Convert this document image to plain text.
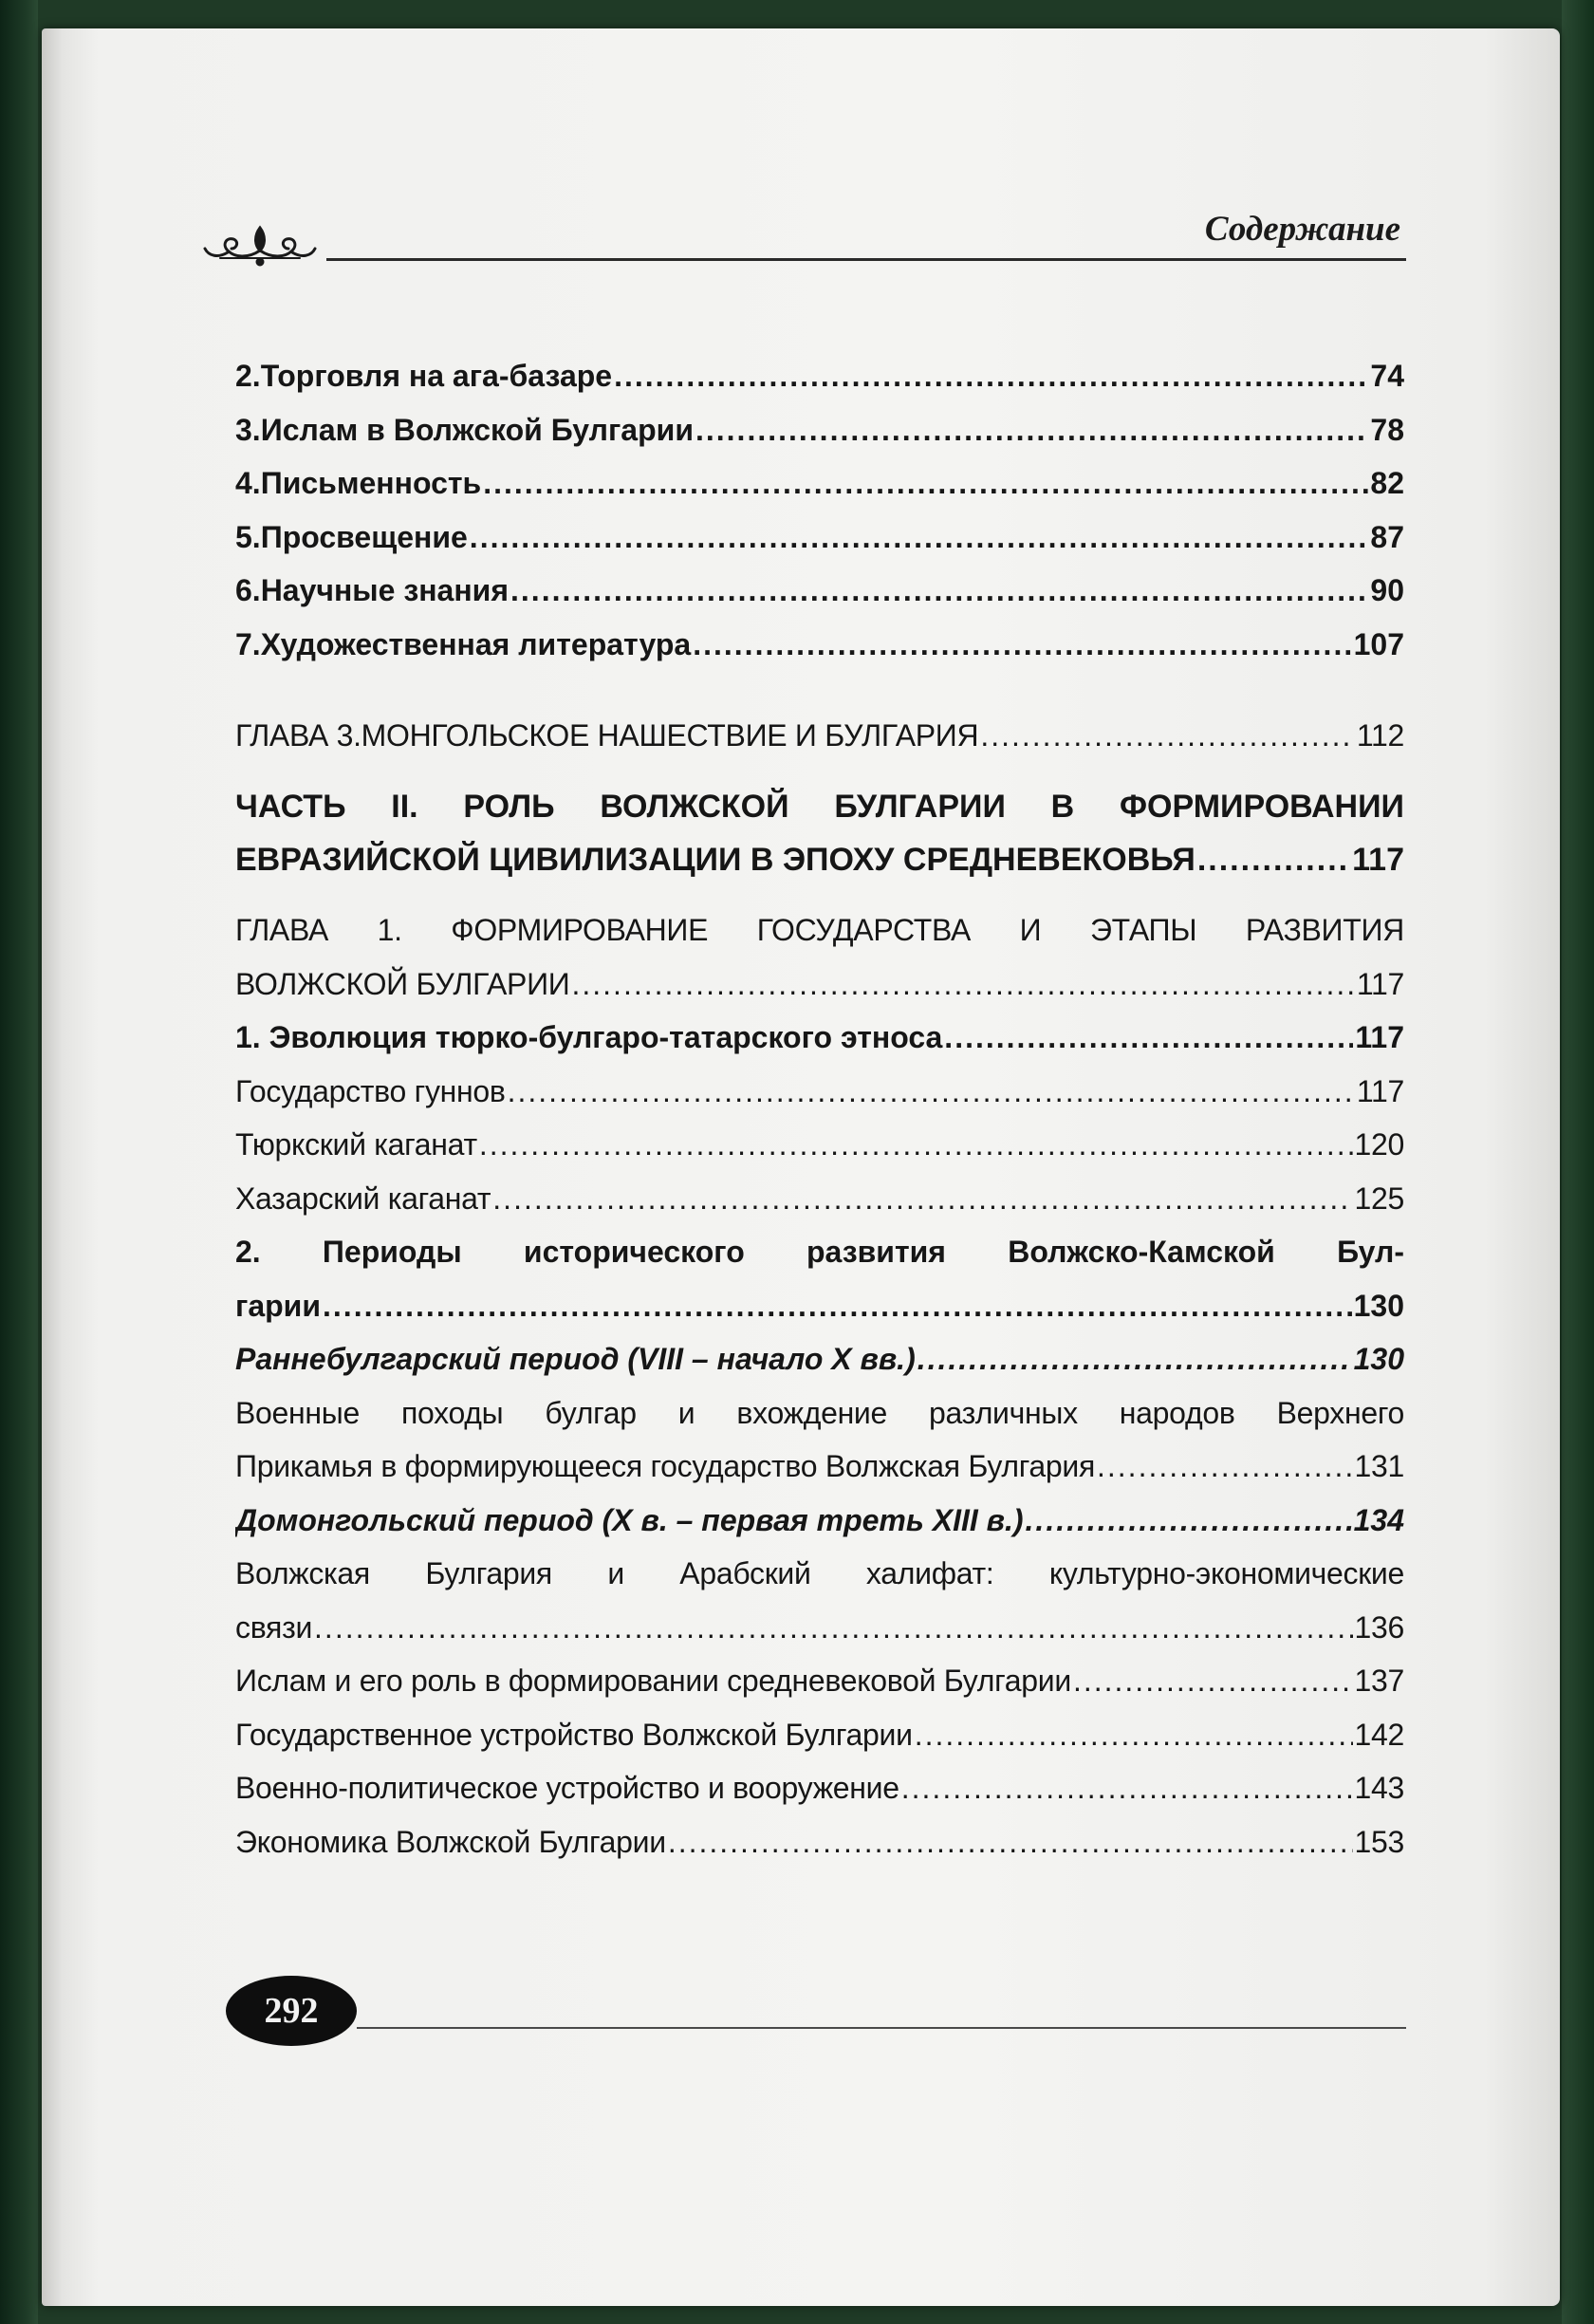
Содержание
2.Торговля на ага-базаре .....	74
3.Ислам в Волжской Булгарии .....	78
4.Письменность .....	82
5.Просвещение .....	87
6.Научные знания .....	90
7.Художественная литература .....	107
ГЛАВА 3.МОНГОЛЬСКОЕ НАШЕСТВИЕ И БУЛГАРИЯ .....	112
ЧАСТЬ II. РОЛЬ ВОЛЖСКОЙ БУЛГАРИИ В ФОРМИРОВАНИИ
ЕВРАЗИЙСКОЙ ЦИВИЛИЗАЦИИ В ЭПОХУ СРЕДНЕВЕКОВЬЯ .....	117
ГЛАВА 1. ФОРМИРОВАНИЕ ГОСУДАРСТВА И ЭТАПЫ РАЗВИТИЯ
ВОЛЖСКОЙ БУЛГАРИИ .....	117
1. Эволюция тюрко-булгаро-татарского этноса .....	117
Государство гуннов .....	117
Тюркский каганат .....	120
Хазарский каганат .....	125
2. Периоды исторического развития Волжско-Камской Бул-
гарии .....	130
Раннебулгарский период (VIII – начало X вв.) .....	130
Военные походы булгар и вхождение различных народов Верхнего
Прикамья в формирующееся государство Волжская Булгария .....	131
Домонгольский период (X в. – первая треть XIII в.) .....	134
Волжская Булгария и Арабский халифат: культурно-экономические
связи .....	136
Ислам и его роль в формировании средневековой Булгарии .....	137
Государственное устройство Волжской Булгарии .....	142
Военно-политическое устройство и вооружение .....	143
Экономика Волжской Булгарии .....	153
292
